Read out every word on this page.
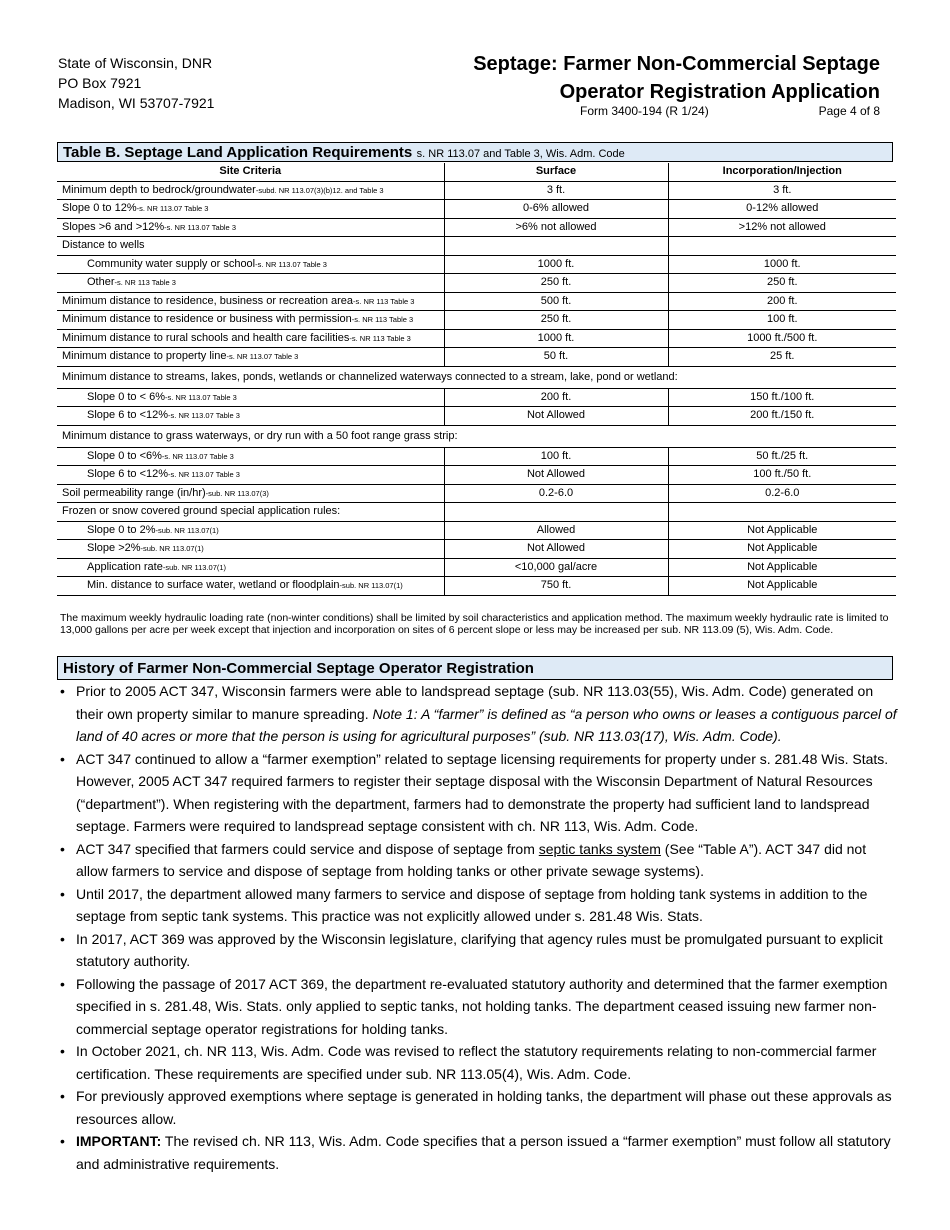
State of Wisconsin, DNR
PO Box 7921
Madison, WI 53707-7921
Septage: Farmer Non-Commercial Septage
Operator Registration Application
Form 3400-194 (R 1/24)	Page 4 of 8
Table B. Septage Land Application Requirements s. NR 113.07 and Table 3, Wis. Adm. Code
Site Criteria	Surface	Incorporation/Injection
Minimum depth to bedrock/groundwater-subd. NR 113.07(3)(b)12. and Table 3	3 ft.	3 ft.
Slope 0 to 12%-s. NR 113.07 Table 3	0-6% allowed	0-12% allowed
Slopes >6 and >12%-s. NR 113.07 Table 3	>6% not allowed	>12% not allowed
Distance to wells		
Community water supply or school-s. NR 113.07 Table 3	1000 ft.	1000 ft.
Other-s. NR 113 Table 3	250 ft.	250 ft.
Minimum distance to residence, business or recreation area-s. NR 113 Table 3	500 ft.	200 ft.
Minimum distance to residence or business with permission-s. NR 113 Table 3	250 ft.	100 ft.
Minimum distance to rural schools and health care facilities-s. NR 113 Table 3	1000 ft.	1000 ft./500 ft.
Minimum distance to property line-s. NR 113.07 Table 3	50 ft.	25 ft.
Minimum distance to streams, lakes, ponds, wetlands or channelized waterways connected to a stream, lake, pond or wetland:		
Slope 0 to < 6%-s. NR 113.07 Table 3	200 ft.	150 ft./100 ft.
Slope 6 to <12%-s. NR 113.07 Table 3	Not Allowed	200 ft./150 ft.
Minimum distance to grass waterways, or dry run with a 50 foot range grass strip:		
Slope 0 to <6%-s. NR 113.07 Table 3	100 ft.	50 ft./25 ft.
Slope 6 to <12%-s. NR 113.07 Table 3	Not Allowed	100 ft./50 ft.
Soil permeability range (in/hr)-sub. NR 113.07(3)	0.2-6.0	0.2-6.0
Frozen or snow covered ground special application rules:		
Slope 0 to 2%-sub. NR 113.07(1)	Allowed	Not Applicable
Slope >2%-sub. NR 113.07(1)	Not Allowed	Not Applicable
Application rate-sub. NR 113.07(1)	<10,000 gal/acre	Not Applicable
Min. distance to surface water, wetland or floodplain-sub. NR 113.07(1)	750 ft.	Not Applicable
The maximum weekly hydraulic loading rate (non-winter conditions) shall be limited by soil characteristics and application method. The maximum weekly hydraulic rate is limited to 13,000 gallons per acre per week except that injection and incorporation on sites of 6 percent slope or less may be increased per sub. NR 113.09 (5), Wis. Adm. Code.
History of Farmer Non-Commercial Septage Operator Registration
• Prior to 2005 ACT 347, Wisconsin farmers were able to landspread septage (sub. NR 113.03(55), Wis. Adm. Code) generated on their own property similar to manure spreading. Note 1: A “farmer” is defined as “a person who owns or leases a contiguous parcel of land of 40 acres or more that the person is using for agricultural purposes” (sub. NR 113.03(17), Wis. Adm. Code).
• ACT 347 continued to allow a “farmer exemption” related to septage licensing requirements for property under s. 281.48 Wis. Stats. However, 2005 ACT 347 required farmers to register their septage disposal with the Wisconsin Department of Natural Resources (“department”). When registering with the department, farmers had to demonstrate the property had sufficient land to landspread septage. Farmers were required to landspread septage consistent with ch. NR 113, Wis. Adm. Code.
• ACT 347 specified that farmers could service and dispose of septage from septic tanks system (See “Table A”). ACT 347 did not allow farmers to service and dispose of septage from holding tanks or other private sewage systems).
• Until 2017, the department allowed many farmers to service and dispose of septage from holding tank systems in addition to the septage from septic tank systems. This practice was not explicitly allowed under s. 281.48 Wis. Stats.
• In 2017, ACT 369 was approved by the Wisconsin legislature, clarifying that agency rules must be promulgated pursuant to explicit statutory authority.
• Following the passage of 2017 ACT 369, the department re-evaluated statutory authority and determined that the farmer exemption specified in s. 281.48, Wis. Stats. only applied to septic tanks, not holding tanks. The department ceased issuing new farmer non-commercial septage operator registrations for holding tanks.
• In October 2021, ch. NR 113, Wis. Adm. Code was revised to reflect the statutory requirements relating to non-commercial farmer certification. These requirements are specified under sub. NR 113.05(4), Wis. Adm. Code.
• For previously approved exemptions where septage is generated in holding tanks, the department will phase out these approvals as resources allow.
• IMPORTANT: The revised ch. NR 113, Wis. Adm. Code specifies that a person issued a “farmer exemption” must follow all statutory and administrative requirements.
